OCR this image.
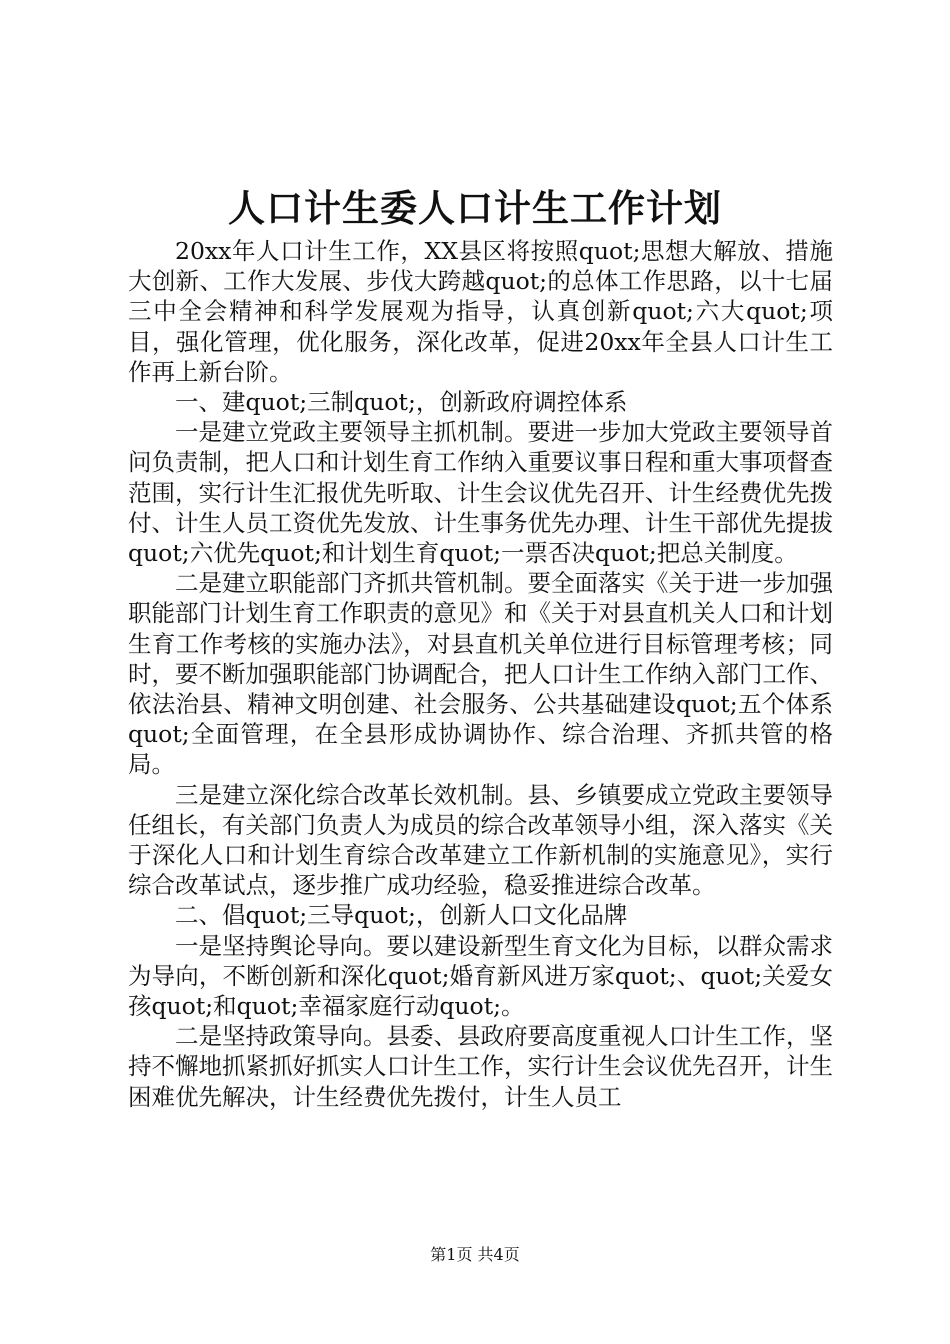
人口计生委人口计生工作计划

20xx年人口计生工作，XX县区将按照quot;思想大解放、措施大创新、工作大发展、步伐大跨越quot;的总体工作思路，以十七届三中全会精神和科学发展观为指导，认真创新quot;六大quot;项目，强化管理，优化服务，深化改革，促进20xx年全县人口计生工作再上新台阶。

一、建quot;三制quot;，创新政府调控体系

一是建立党政主要领导主抓机制。要进一步加大党政主要领导首问负责制，把人口和计划生育工作纳入重要议事日程和重大事项督查范围，实行计生汇报优先听取、计生会议优先召开、计生经费优先拨付、计生人员工资优先发放、计生事务优先办理、计生干部优先提拔quot;六优先quot;和计划生育quot;一票否决quot;把总关制度。

二是建立职能部门齐抓共管机制。要全面落实《关于进一步加强职能部门计划生育工作职责的意见》和《关于对县直机关人口和计划生育工作考核的实施办法》，对县直机关单位进行目标管理考核；同时，要不断加强职能部门协调配合，把人口计生工作纳入部门工作、依法治县、精神文明创建、社会服务、公共基础建设quot;五个体系quot;全面管理，在全县形成协调协作、综合治理、齐抓共管的格局。

三是建立深化综合改革长效机制。县、乡镇要成立党政主要领导任组长，有关部门负责人为成员的综合改革领导小组，深入落实《关于深化人口和计划生育综合改革建立工作新机制的实施意见》，实行综合改革试点，逐步推广成功经验，稳妥推进综合改革。

二、倡quot;三导quot;，创新人口文化品牌

一是坚持舆论导向。要以建设新型生育文化为目标，以群众需求为导向，不断创新和深化quot;婚育新风进万家quot;、quot;关爱女孩quot;和quot;幸福家庭行动quot;。

二是坚持政策导向。县委、县政府要高度重视人口计生工作，坚持不懈地抓紧抓好抓实人口计生工作，实行计生会议优先召开，计生困难优先解决，计生经费优先拨付，计生人员工

第1页 共4页
